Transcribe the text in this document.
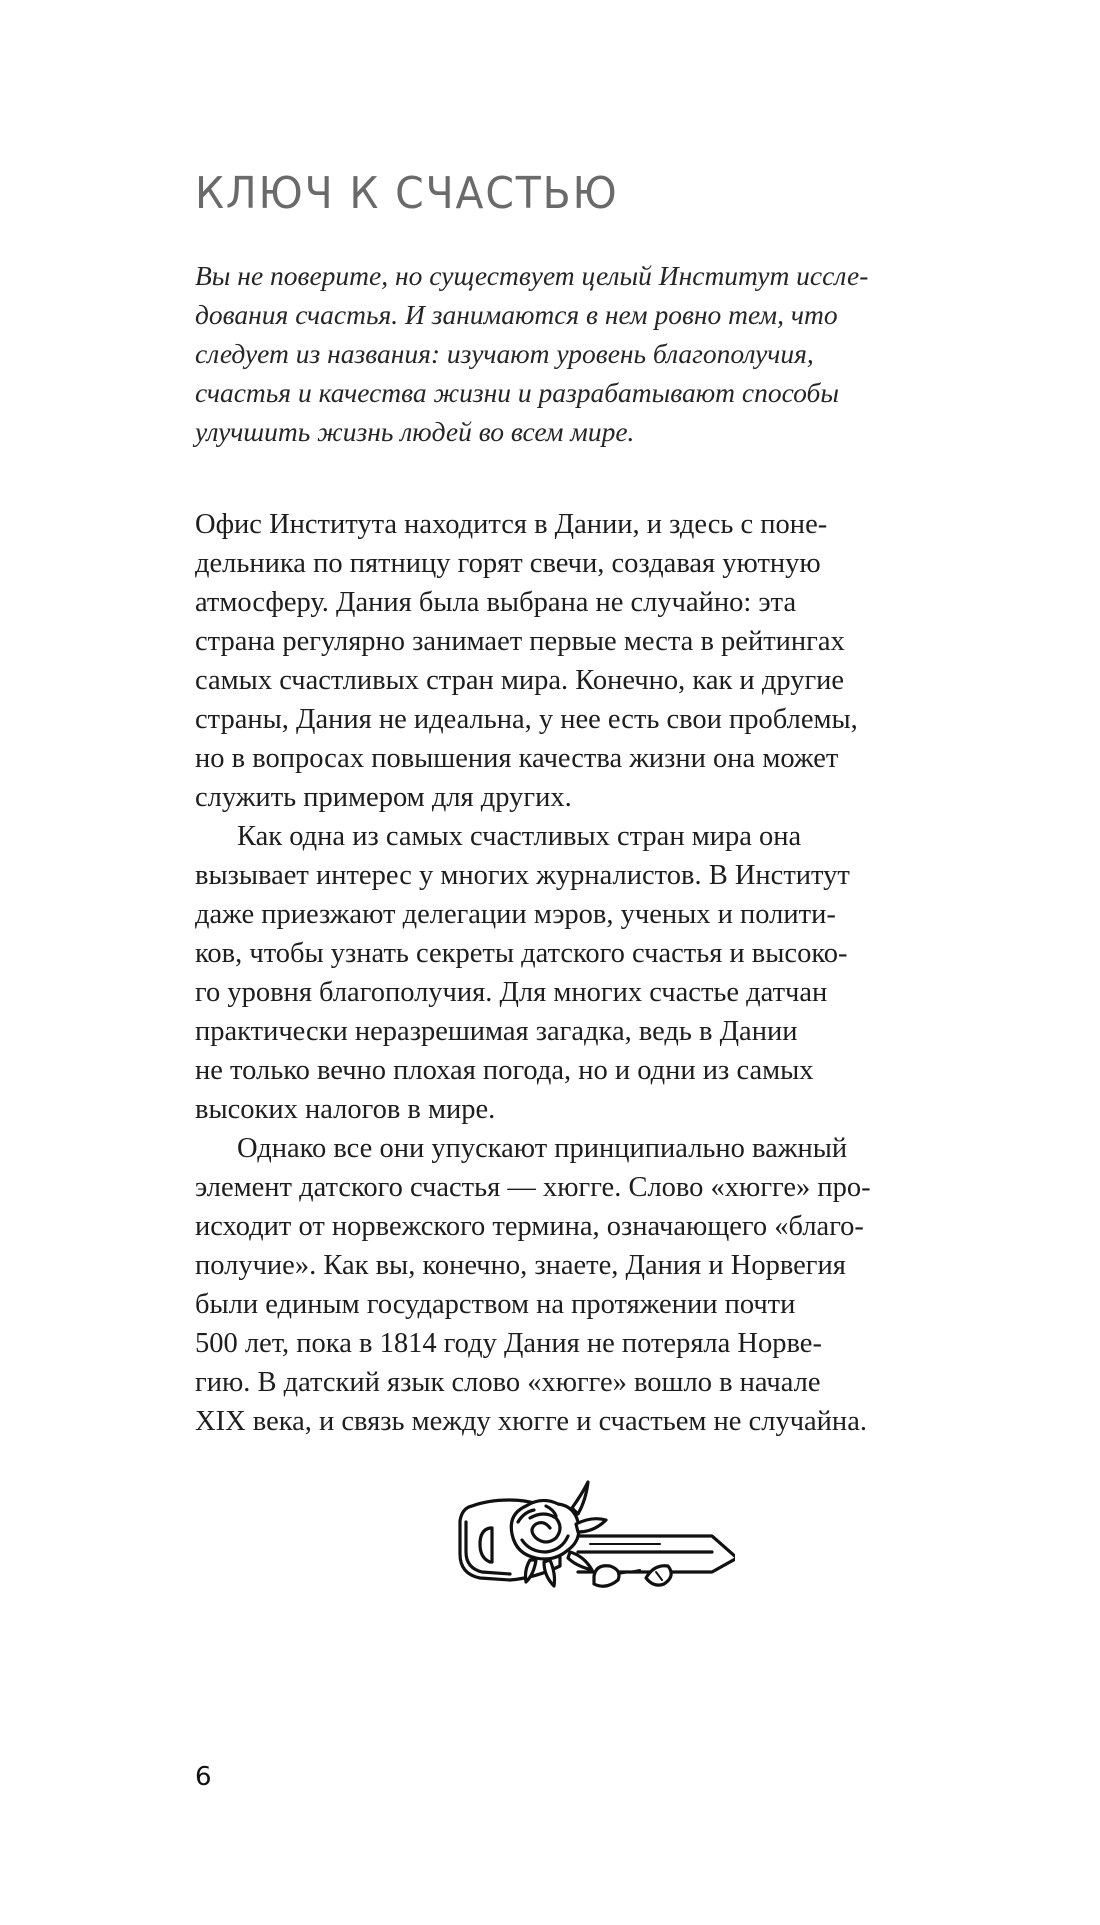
КЛЮЧ К СЧАСТЬЮ
Вы не поверите, но существует целый Институт иссле-
дования счастья. И занимаются в нем ровно тем, что
следует из названия: изучают уровень благополучия,
счастья и качества жизни и разрабатывают способы
улучшить жизнь людей во всем мире.
Офис Института находится в Дании, и здесь с поне-
дельника по пятницу горят свечи, создавая уютную
атмосферу. Дания была выбрана не случайно: эта
страна регулярно занимает первые места в рейтингах
самых счастливых стран мира. Конечно, как и другие
страны, Дания не идеальна, у нее есть свои проблемы,
но в вопросах повышения качества жизни она может
служить примером для других.
Как одна из самых счастливых стран мира она
вызывает интерес у многих журналистов. В Институт
даже приезжают делегации мэров, ученых и полити-
ков, чтобы узнать секреты датского счастья и высоко-
го уровня благополучия. Для многих счастье датчан
практически неразрешимая загадка, ведь в Дании
не только вечно плохая погода, но и одни из самых
высоких налогов в мире.
Однако все они упускают принципиально важный
элемент датского счастья — хюгге. Слово «хюгге» про-
исходит от норвежского термина, означающего «благо-
получие». Как вы, конечно, знаете, Дания и Норвегия
были единым государством на протяжении почти
500 лет, пока в 1814 году Дания не потеряла Норве-
гию. В датский язык слово «хюгге» вошло в начале
XIX века, и связь между хюгге и счастьем не случайна.
6
